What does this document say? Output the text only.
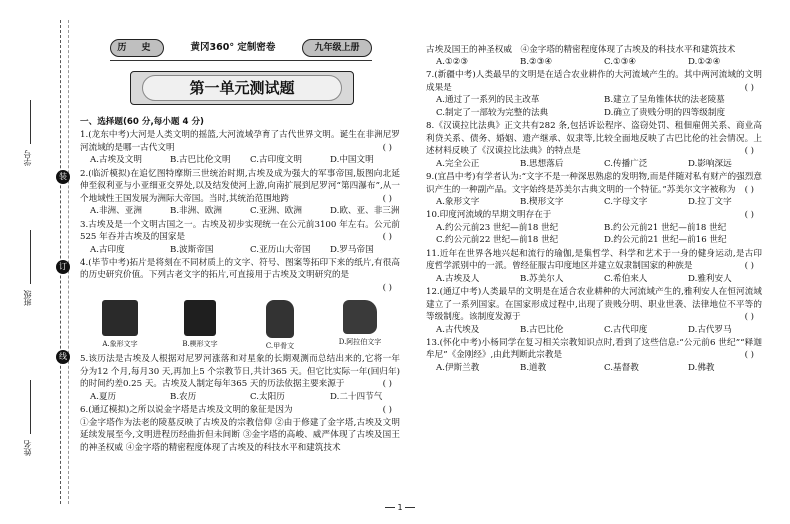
学号
班级
姓名
装
订
线
历 史	黄冈360° 定制密卷	九年级上册
第一单元测试题
一、选择题(60 分,每小题 4 分)
1.(龙东中考)大河是人类文明的摇篮,大河流域孕育了古代世界文明。诞生在非洲尼罗河流域的是哪一古代文明	( )
A.古埃及文明	B.古巴比伦文明	C.古印度文明	D.中国文明
2.(临沂模拟)在追忆图特摩斯三世统治时期,古埃及成为强大的军事帝国,版图向北延伸至叙利亚与小亚细亚交界处,以及结发使河上游,向南扩展到尼罗河“第四瀑布”,从一个地域性王国发展为洲际大帝国。当时,其统治范围地跨	( )
A.非洲、亚洲	B.非洲、欧洲	C.亚洲、欧洲	D.欧、亚、非三洲
3.古埃及是一个文明古国之一。古埃及初步实现统一在公元前3100 年左右。公元前525 年吞并古埃及的国家是	( )
A.古印度	B.波斯帝国	C.亚历山大帝国	D.罗马帝国
4.(毕节中考)拓片是将刻在不同材质上的文字、符号、图案等拓印下来的纸片,有很高的历史研究价值。下列古老文字的拓片,可直接用于古埃及文明研究的是
( )
A.象形文字	B.楔形文字	C.甲骨文	D.阿拉伯文字
5.该历法是古埃及人根据对尼罗河涨落和对星象的长期观测而总结出来的,它将一年分为12 个月,每月30 天,再加上5 个宗教节日,共计365 天。但它比实际一年(回归年)的时间约差0.25 天。古埃及人制定每年365 天的历法依据主要来源于	( )
A.夏历	B.农历	C.太阳历	D.二十四节气
6.(通辽模拟)之所以说金字塔是古埃及文明的象征是因为	( )
①金字塔作为法老的陵墓反映了古埃及的宗教信仰 ②由于修建了金字塔,古埃及文明延续发展至今,文明进程历经曲折但未间断 ③金字塔的高峻、威严体现了古埃及国王的神圣权威 ④金字塔的精密程度体现了古埃及的科技水平和建筑技术
古埃及国王的神圣权威　④金字塔的精密程度体现了古埃及的科技水平和建筑技术
A.①②③	B.②③④	C.①③④	D.①②④
7.(新疆中考)人类最早的文明是在适合农业耕作的大河流域产生的。其中两河流域的文明成果是	( )
A.通过了一系列的民主改革	B.建立了呈角锥体状的法老陵墓
C.制定了一部较为完整的法典	D.确立了贵贱分明的四等级制度
8.《汉谟拉比法典》正文共有282 条,包括诉讼程序、盗窃处罚、租佃雇佣关系、商业高利贷关系、债务、婚姻、遗产继承、奴隶等,比较全面地反映了古巴比伦的社会情况。上述材料反映了《汉谟拉比法典》的特点是	( )
A.完全公正	B.思想落后	C.传播广泛	D.影响深远
9.(宜昌中考)有学者认为:“文字不是一种深思熟虑的发明物,而是伴随对私有财产的强烈意识产生的一种副产品。文字始终是苏美尔古典文明的一个特征。”苏美尔文字被称为 ( )
A.象形文字	B.楔形文字	C.字母文字	D.拉丁文字
10.印度河流域的早期文明存在于	( )
A.约公元前23 世纪—前18 世纪	B.约公元前21 世纪—前18 世纪
C.约公元前22 世纪—前18 世纪	D.约公元前21 世纪—前16 世纪
11.近年在世界各地兴起和流行的瑜伽,是集哲学、科学和艺术于一身的健身运动,是古印度哲学派别中的一派。曾经征服古印度地区并建立奴隶制国家的种族是	( )
A.古埃及人	B.苏美尔人	C.希伯来人	D.雅利安人
12.(通辽中考)人类最早的文明是在适合农业耕种的大河流域产生的,雅利安人在恒河流域建立了一系列国家。在国家形成过程中,出现了贵贱分明、职业世袭、法律地位不平等的等级制度。该制度发源于	( )
A.古代埃及	B.古巴比伦	C.古代印度	D.古代罗马
13.(怀化中考)小杨同学在复习相关宗教知识点时,看到了这些信息:“公元前6 世纪”“释迦牟尼”《金刚经》,由此判断此宗教是	( )
A.伊斯兰教	B.道教	C.基督教	D.佛教
1
